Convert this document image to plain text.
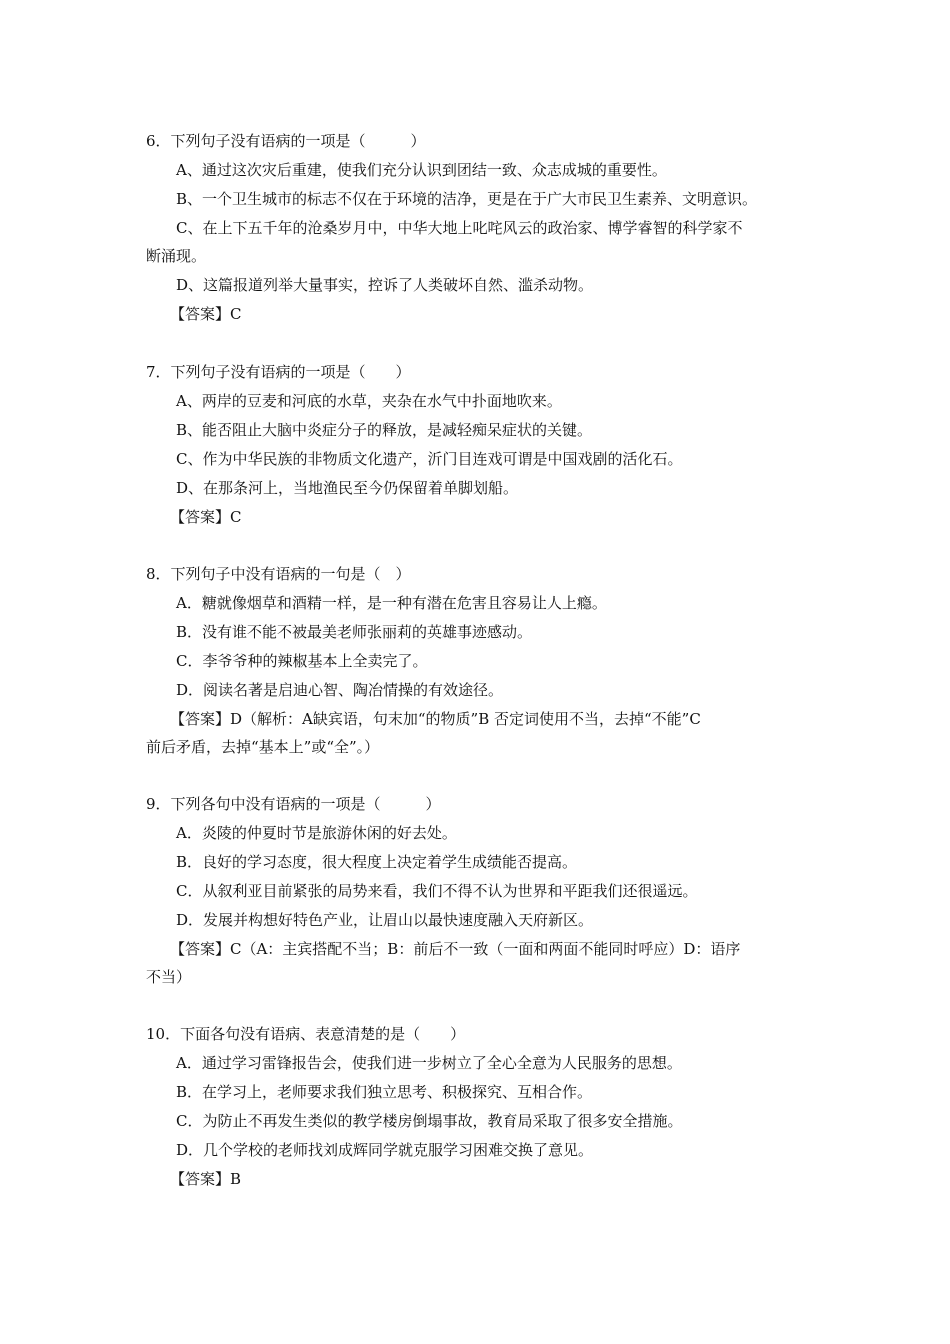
6．下列句子没有语病的一项是（　　　）
A、通过这次灾后重建，使我们充分认识到团结一致、众志成城的重要性。
B、一个卫生城市的标志不仅在于环境的洁净，更是在于广大市民卫生素养、文明意识。
C、在上下五千年的沧桑岁月中，中华大地上叱咤风云的政治家、博学睿智的科学家不
断涌现。
D、这篇报道列举大量事实，控诉了人类破坏自然、滥杀动物。
【答案】C
7．下列句子没有语病的一项是（　　）
A、两岸的豆麦和河底的水草，夹杂在水气中扑面地吹来。
B、能否阻止大脑中炎症分子的释放，是减轻痴呆症状的关键。
C、作为中华民族的非物质文化遗产，沂门目连戏可谓是中国戏剧的活化石。
D、在那条河上，当地渔民至今仍保留着单脚划船。
【答案】C
8．下列句子中没有语病的一句是（　）
A．糖就像烟草和酒精一样，是一种有潜在危害且容易让人上瘾。
B．没有谁不能不被最美老师张丽莉的英雄事迹感动。
C．李爷爷种的辣椒基本上全卖完了。
D．阅读名著是启迪心智、陶冶情操的有效途径。
【答案】D（解析：A缺宾语，句末加“的物质”B 否定词使用不当，去掉“不能”C
前后矛盾，去掉“基本上”或“全”。）
9．下列各句中没有语病的一项是（　　　）
A．炎陵的仲夏时节是旅游休闲的好去处。
B．良好的学习态度，很大程度上决定着学生成绩能否提高。
C．从叙利亚目前紧张的局势来看，我们不得不认为世界和平距我们还很遥远。
D．发展并构想好特色产业，让眉山以最快速度融入天府新区。
【答案】C（A：主宾搭配不当；B：前后不一致（一面和两面不能同时呼应）D：语序
不当）
10．下面各句没有语病、表意清楚的是（　　）
A．通过学习雷锋报告会，使我们进一步树立了全心全意为人民服务的思想。
B．在学习上，老师要求我们独立思考、积极探究、互相合作。
C．为防止不再发生类似的教学楼房倒塌事故，教育局采取了很多安全措施。
D．几个学校的老师找刘成辉同学就克服学习困难交换了意见。
【答案】B
